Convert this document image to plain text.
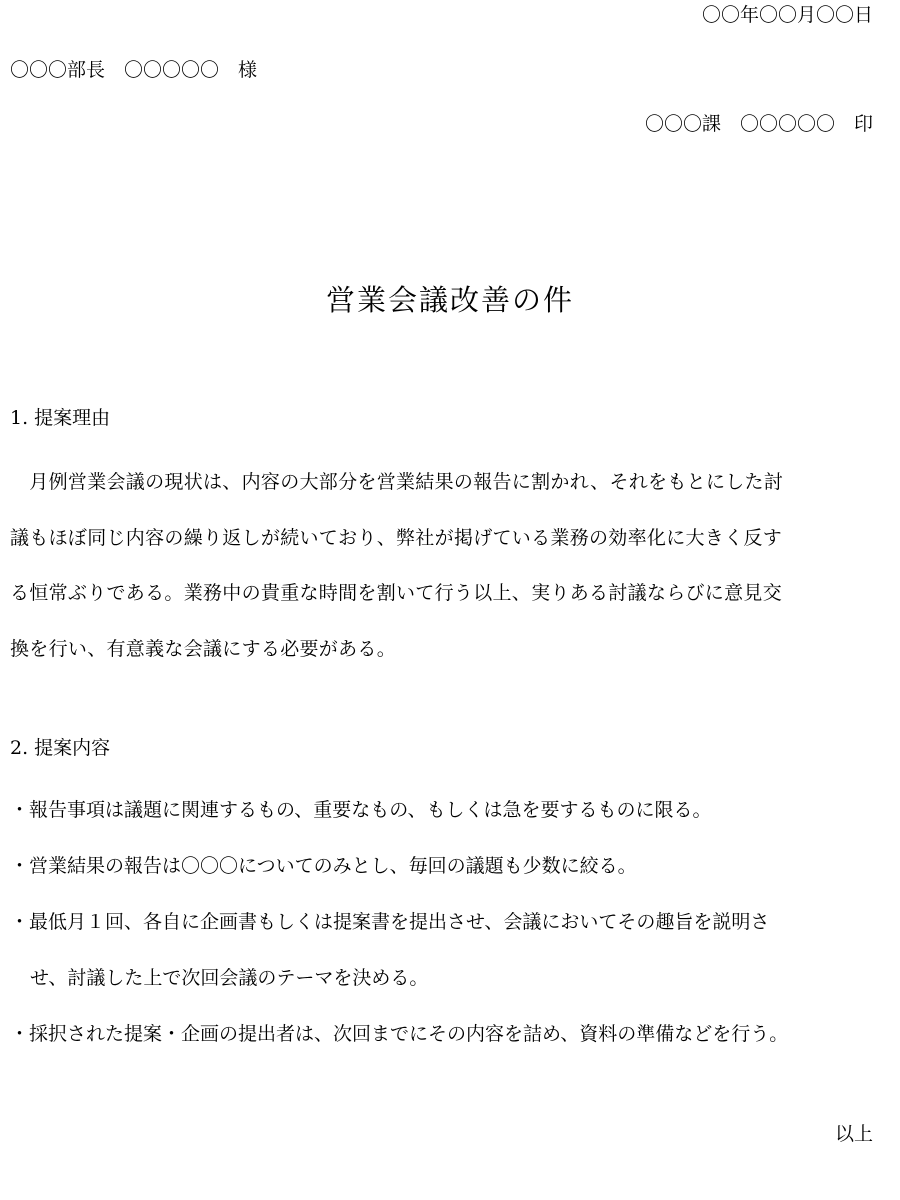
〇〇年〇〇月〇〇日
〇〇〇部長　〇〇〇〇〇　様
〇〇〇課　〇〇〇〇〇　印
営業会議改善の件
1. 提案理由
　月例営業会議の現状は、内容の大部分を営業結果の報告に割かれ、それをもとにした討
議もほぼ同じ内容の繰り返しが続いており、弊社が掲げている業務の効率化に大きく反す
る恒常ぶりである。業務中の貴重な時間を割いて行う以上、実りある討議ならびに意見交
換を行い、有意義な会議にする必要がある。
2. 提案内容
・報告事項は議題に関連するもの、重要なもの、もしくは急を要するものに限る。
・営業結果の報告は〇〇〇についてのみとし、毎回の議題も少数に絞る。
・最低月１回、各自に企画書もしくは提案書を提出させ、会議においてその趣旨を説明さ
せ、討議した上で次回会議のテーマを決める。
・採択された提案・企画の提出者は、次回までにその内容を詰め、資料の準備などを行う。
以上
